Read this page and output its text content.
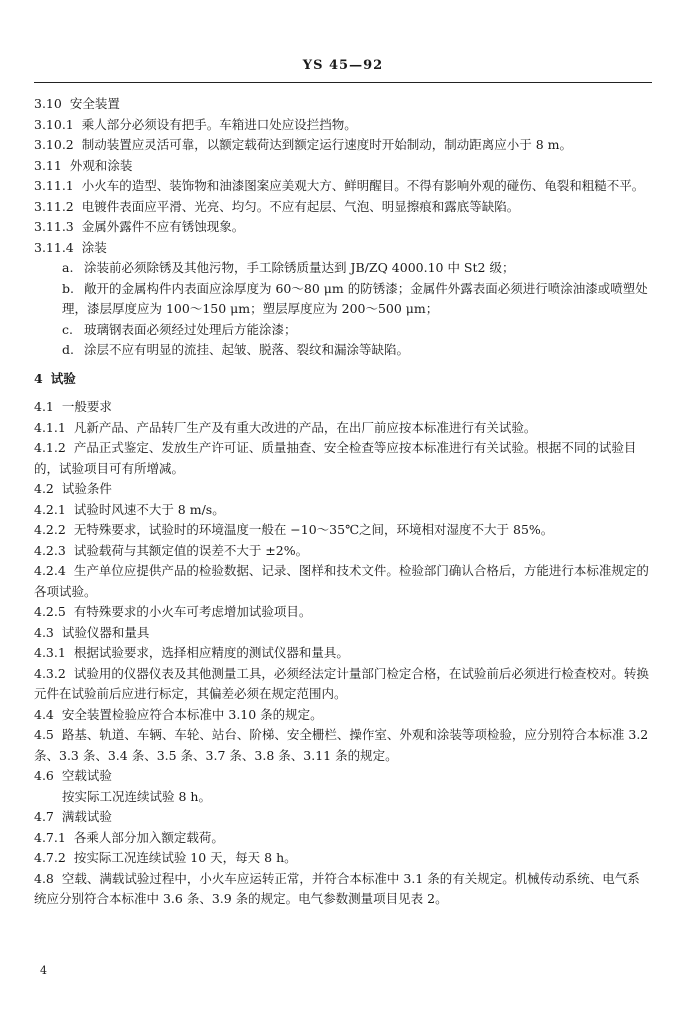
YS 45—92

3.10 安全装置

3.10.1 乘人部分必须设有把手。车箱进口处应设拦挡物。

3.10.2 制动装置应灵活可靠，以额定载荷达到额定运行速度时开始制动，制动距离应小于 8 m。

3.11 外观和涂装

3.11.1 小火车的造型、装饰物和油漆图案应美观大方、鲜明醒目。不得有影响外观的碰伤、龟裂和粗糙不平。

3.11.2 电镀件表面应平滑、光亮、均匀。不应有起层、气泡、明显擦痕和露底等缺陷。

3.11.3 金属外露件不应有锈蚀现象。

3.11.4 涂装

a. 涂装前必须除锈及其他污物，手工除锈质量达到 JB/ZQ 4000.10 中 St2 级；

b. 敞开的金属构件内表面应涂厚度为 60～80 μm 的防锈漆；金属件外露表面必须进行喷涂油漆或喷塑处理，漆层厚度应为 100～150 μm；塑层厚度应为 200～500 μm；

c. 玻璃钢表面必须经过处理后方能涂漆；

d. 涂层不应有明显的流挂、起皱、脱落、裂纹和漏涂等缺陷。

4 试验

4.1 一般要求

4.1.1 凡新产品、产品转厂生产及有重大改进的产品，在出厂前应按本标准进行有关试验。

4.1.2 产品正式鉴定、发放生产许可证、质量抽查、安全检查等应按本标准进行有关试验。根据不同的试验目的，试验项目可有所增减。

4.2 试验条件

4.2.1 试验时风速不大于 8 m/s。

4.2.2 无特殊要求，试验时的环境温度一般在 −10～35℃之间，环境相对湿度不大于 85%。

4.2.3 试验载荷与其额定值的误差不大于 ±2%。

4.2.4 生产单位应提供产品的检验数据、记录、图样和技术文件。检验部门确认合格后，方能进行本标准规定的各项试验。

4.2.5 有特殊要求的小火车可考虑增加试验项目。

4.3 试验仪器和量具

4.3.1 根据试验要求，选择相应精度的测试仪器和量具。

4.3.2 试验用的仪器仪表及其他测量工具，必须经法定计量部门检定合格，在试验前后必须进行检查校对。转换元件在试验前后应进行标定，其偏差必须在规定范围内。

4.4 安全装置检验应符合本标准中 3.10 条的规定。

4.5 路基、轨道、车辆、车轮、站台、阶梯、安全栅栏、操作室、外观和涂装等项检验，应分别符合本标准 3.2 条、3.3 条、3.4 条、3.5 条、3.7 条、3.8 条、3.11 条的规定。

4.6 空载试验

按实际工况连续试验 8 h。

4.7 满载试验

4.7.1 各乘人部分加入额定载荷。

4.7.2 按实际工况连续试验 10 天，每天 8 h。

4.8 空载、满载试验过程中，小火车应运转正常，并符合本标准中 3.1 条的有关规定。机械传动系统、电气系统应分别符合本标准中 3.6 条、3.9 条的规定。电气参数测量项目见表 2。

4
